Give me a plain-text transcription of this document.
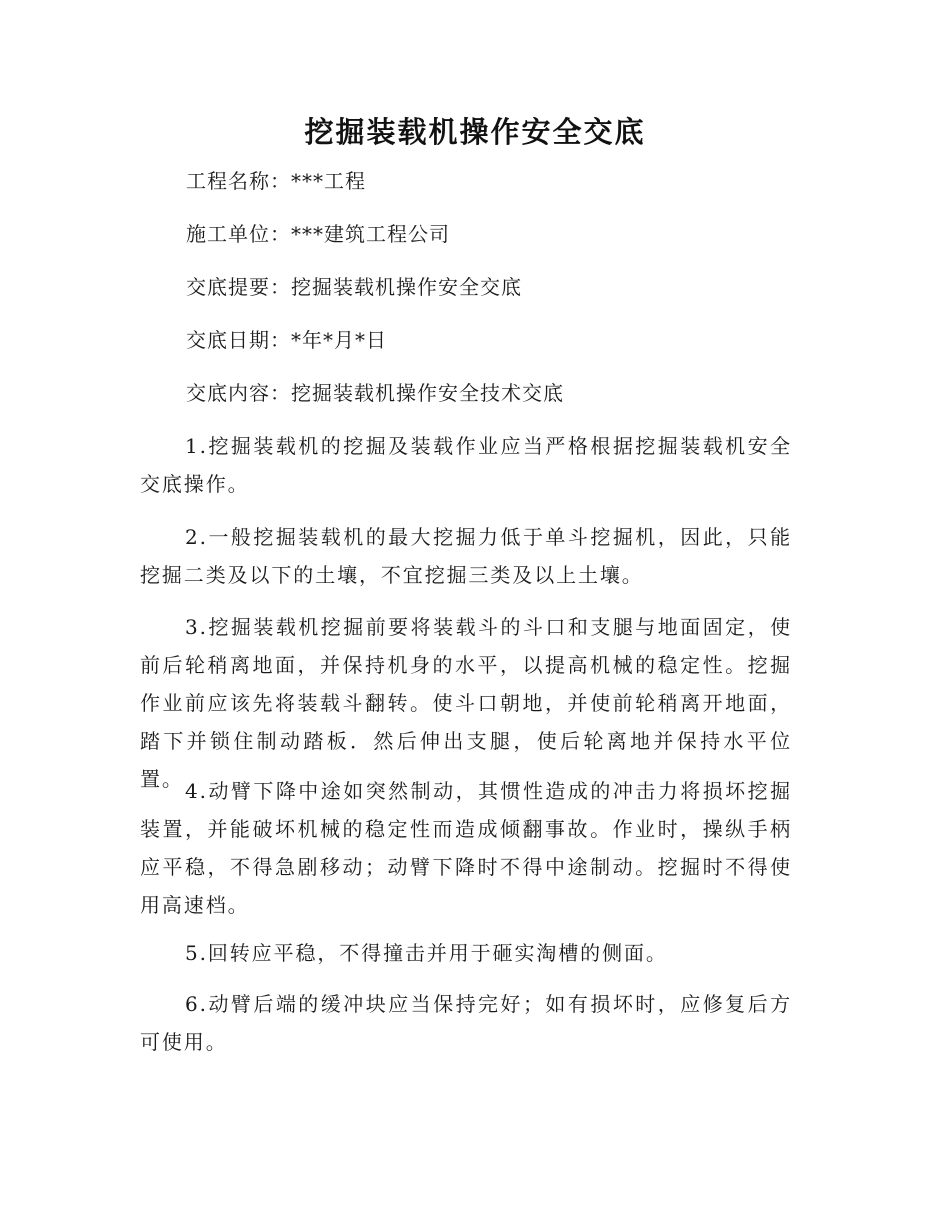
挖掘装载机操作安全交底
工程名称：***工程
施工单位：***建筑工程公司
交底提要：挖掘装载机操作安全交底
交底日期：*年*月*日
交底内容：挖掘装载机操作安全技术交底
1.挖掘装载机的挖掘及装载作业应当严格根据挖掘装载机安全交底操作。
2.一般挖掘装载机的最大挖掘力低于单斗挖掘机，因此，只能挖掘二类及以下的土壤，不宜挖掘三类及以上土壤。
3.挖掘装载机挖掘前要将装载斗的斗口和支腿与地面固定，使前后轮稍离地面，并保持机身的水平，以提高机械的稳定性。挖掘作业前应该先将装载斗翻转。使斗口朝地，并使前轮稍离开地面，踏下并锁住制动踏板．然后伸出支腿，使后轮离地并保持水平位置。 4.动臂下降中途如突然制动，其惯性造成的冲击力将损坏挖掘装置，并能破坏机械的稳定性而造成倾翻事故。作业时，操纵手柄应平稳，不得急剧移动；动臂下降时不得中途制动。挖掘时不得使用高速档。
5.回转应平稳，不得撞击并用于砸实淘槽的侧面。
6.动臂后端的缓冲块应当保持完好；如有损坏时，应修复后方可使用。
